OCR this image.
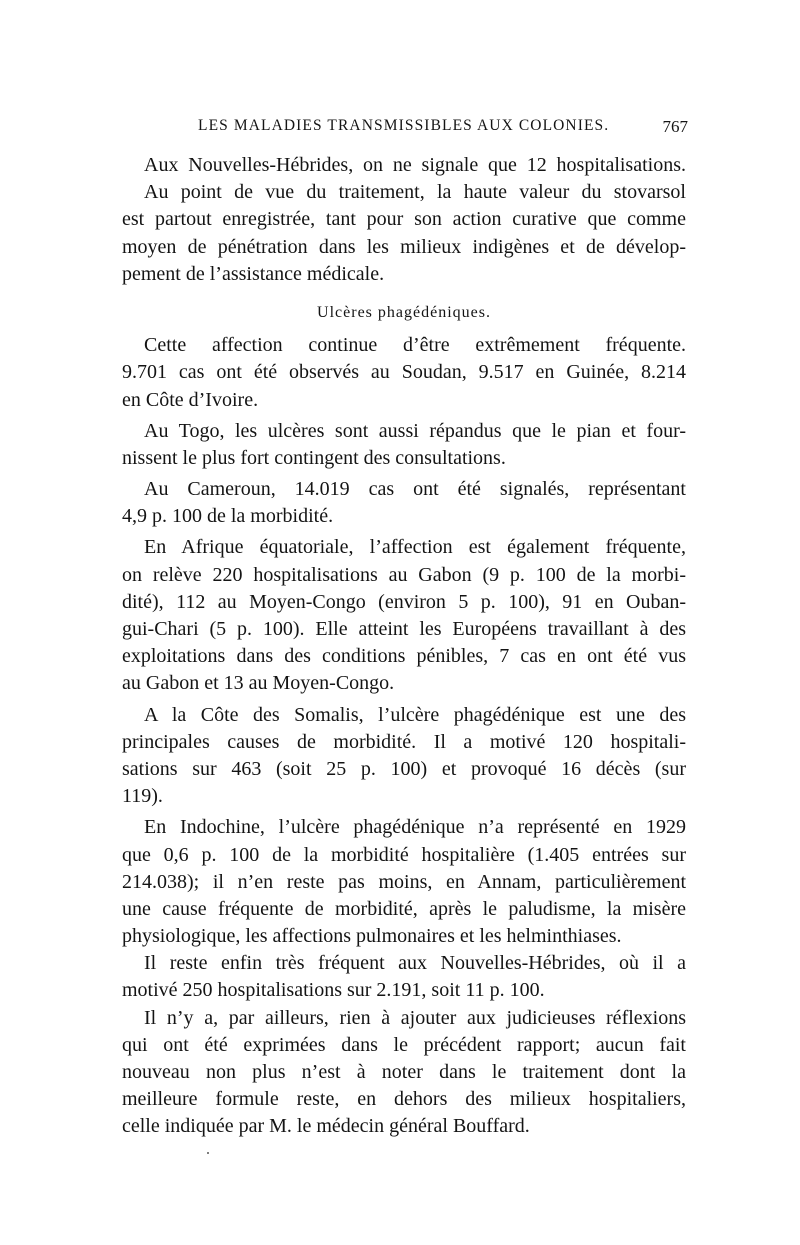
LES MALADIES TRANSMISSIBLES AUX COLONIES.	767
Aux Nouvelles-Hébrides, on ne signale que 12 hospitalisations.
Au point de vue du traitement, la haute valeur du stovarsol
est partout enregistrée, tant pour son action curative que comme
moyen de pénétration dans les milieux indigènes et de dévelop-
pement de l’assistance médicale.
Ulcères phagédéniques.
Cette affection continue d’être extrêmement fréquente.
9.701 cas ont été observés au Soudan, 9.517 en Guinée, 8.214
en Côte d’Ivoire.
Au Togo, les ulcères sont aussi répandus que le pian et four-
nissent le plus fort contingent des consultations.
Au Cameroun, 14.019 cas ont été signalés, représentant
4,9 p. 100 de la morbidité.
En Afrique équatoriale, l’affection est également fréquente,
on relève 220 hospitalisations au Gabon (9 p. 100 de la morbi-
dité), 112 au Moyen-Congo (environ 5 p. 100), 91 en Ouban-
gui-Chari (5 p. 100). Elle atteint les Européens travaillant à des
exploitations dans des conditions pénibles, 7 cas en ont été vus
au Gabon et 13 au Moyen-Congo.
A la Côte des Somalis, l’ulcère phagédénique est une des
principales causes de morbidité. Il a motivé 120 hospitali-
sations sur 463 (soit 25 p. 100) et provoqué 16 décès (sur
119).
En Indochine, l’ulcère phagédénique n’a représenté en 1929
que 0,6 p. 100 de la morbidité hospitalière (1.405 entrées sur
214.038); il n’en reste pas moins, en Annam, particulièrement
une cause fréquente de morbidité, après le paludisme, la misère
physiologique, les affections pulmonaires et les helminthiases.
Il reste enfin très fréquent aux Nouvelles-Hébrides, où il a
motivé 250 hospitalisations sur 2.191, soit 11 p. 100.
Il n’y a, par ailleurs, rien à ajouter aux judicieuses réflexions
qui ont été exprimées dans le précédent rapport; aucun fait
nouveau non plus n’est à noter dans le traitement dont la
meilleure formule reste, en dehors des milieux hospitaliers,
celle indiquée par M. le médecin général Bouffard.
